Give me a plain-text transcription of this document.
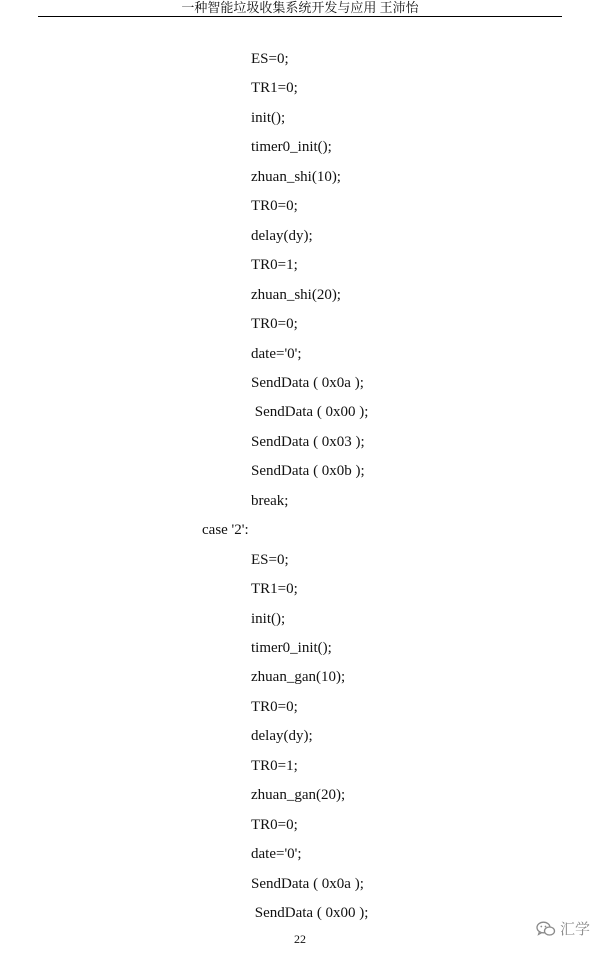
一种智能垃圾收集系统开发与应用 王沛怡
ES=0;
TR1=0;
init();
timer0_init();
zhuan_shi(10);
TR0=0;
delay(dy);
TR0=1;
zhuan_shi(20);
TR0=0;
date='0';
SendData ( 0x0a );
SendData ( 0x00 );
SendData ( 0x03 );
SendData ( 0x0b );
break;
case '2':
ES=0;
TR1=0;
init();
timer0_init();
zhuan_gan(10);
TR0=0;
delay(dy);
TR0=1;
zhuan_gan(20);
TR0=0;
date='0';
SendData ( 0x0a );
SendData ( 0x00 );
22
汇学
